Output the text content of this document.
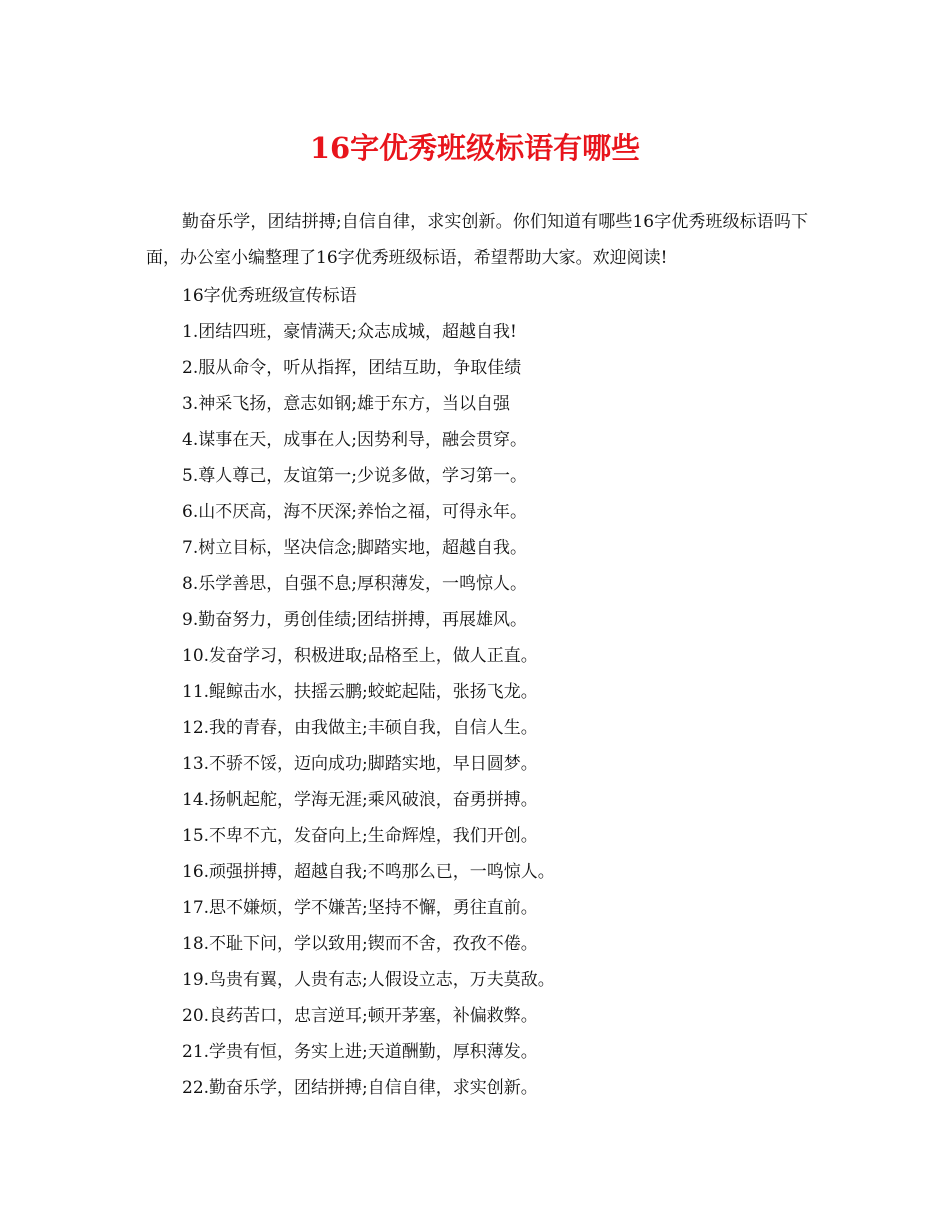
16字优秀班级标语有哪些

勤奋乐学，团结拼搏;自信自律，求实创新。你们知道有哪些16字优秀班级标语吗下面，办公室小编整理了16字优秀班级标语，希望帮助大家。欢迎阅读!

16字优秀班级宣传标语

1.团结四班，豪情满天;众志成城，超越自我!
2.服从命令，听从指挥，团结互助，争取佳绩
3.神采飞扬，意志如钢;雄于东方，当以自强
4.谋事在天，成事在人;因势利导，融会贯穿。
5.尊人尊己，友谊第一;少说多做，学习第一。
6.山不厌高，海不厌深;养怡之福，可得永年。
7.树立目标，坚决信念;脚踏实地，超越自我。
8.乐学善思，自强不息;厚积薄发，一鸣惊人。
9.勤奋努力，勇创佳绩;团结拼搏，再展雄风。
10.发奋学习，积极进取;品格至上，做人正直。
11.鲲鲸击水，扶摇云鹏;蛟蛇起陆，张扬飞龙。
12.我的青春，由我做主;丰硕自我，自信人生。
13.不骄不馁，迈向成功;脚踏实地，早日圆梦。
14.扬帆起舵，学海无涯;乘风破浪，奋勇拼搏。
15.不卑不亢，发奋向上;生命辉煌，我们开创。
16.顽强拼搏，超越自我;不鸣那么已，一鸣惊人。
17.思不嫌烦，学不嫌苦;坚持不懈，勇往直前。
18.不耻下问，学以致用;锲而不舍，孜孜不倦。
19.鸟贵有翼，人贵有志;人假设立志，万夫莫敌。
20.良药苦口，忠言逆耳;顿开茅塞，补偏救弊。
21.学贵有恒，务实上进;天道酬勤，厚积薄发。
22.勤奋乐学，团结拼搏;自信自律，求实创新。
